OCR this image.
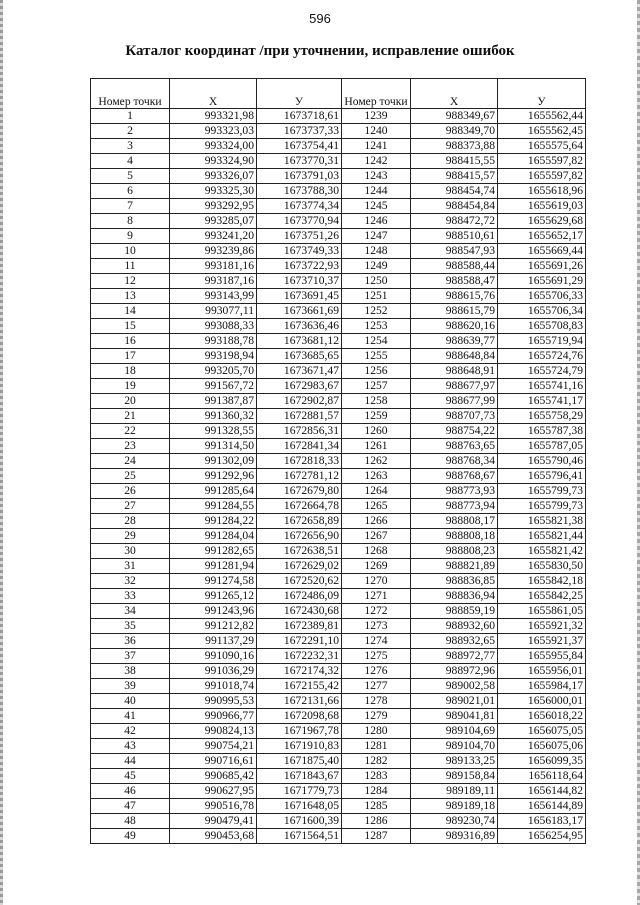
596
Каталог координат /при уточнении, исправление ошибок
Номер точки	X	У	Номер точки	X	У
1	993321,98	1673718,61	1239	988349,67	1655562,44
2	993323,03	1673737,33	1240	988349,70	1655562,45
3	993324,00	1673754,41	1241	988373,88	1655575,64
4	993324,90	1673770,31	1242	988415,55	1655597,82
5	993326,07	1673791,03	1243	988415,57	1655597,82
6	993325,30	1673788,30	1244	988454,74	1655618,96
7	993292,95	1673774,34	1245	988454,84	1655619,03
8	993285,07	1673770,94	1246	988472,72	1655629,68
9	993241,20	1673751,26	1247	988510,61	1655652,17
10	993239,86	1673749,33	1248	988547,93	1655669,44
11	993181,16	1673722,93	1249	988588,44	1655691,26
12	993187,16	1673710,37	1250	988588,47	1655691,29
13	993143,99	1673691,45	1251	988615,76	1655706,33
14	993077,11	1673661,69	1252	988615,79	1655706,34
15	993088,33	1673636,46	1253	988620,16	1655708,83
16	993188,78	1673681,12	1254	988639,77	1655719,94
17	993198,94	1673685,65	1255	988648,84	1655724,76
18	993205,70	1673671,47	1256	988648,91	1655724,79
19	991567,72	1672983,67	1257	988677,97	1655741,16
20	991387,87	1672902,87	1258	988677,99	1655741,17
21	991360,32	1672881,57	1259	988707,73	1655758,29
22	991328,55	1672856,31	1260	988754,22	1655787,38
23	991314,50	1672841,34	1261	988763,65	1655787,05
24	991302,09	1672818,33	1262	988768,34	1655790,46
25	991292,96	1672781,12	1263	988768,67	1655796,41
26	991285,64	1672679,80	1264	988773,93	1655799,73
27	991284,55	1672664,78	1265	988773,94	1655799,73
28	991284,22	1672658,89	1266	988808,17	1655821,38
29	991284,04	1672656,90	1267	988808,18	1655821,44
30	991282,65	1672638,51	1268	988808,23	1655821,42
31	991281,94	1672629,02	1269	988821,89	1655830,50
32	991274,58	1672520,62	1270	988836,85	1655842,18
33	991265,12	1672486,09	1271	988836,94	1655842,25
34	991243,96	1672430,68	1272	988859,19	1655861,05
35	991212,82	1672389,81	1273	988932,60	1655921,32
36	991137,29	1672291,10	1274	988932,65	1655921,37
37	991090,16	1672232,31	1275	988972,77	1655955,84
38	991036,29	1672174,32	1276	988972,96	1655956,01
39	991018,74	1672155,42	1277	989002,58	1655984,17
40	990995,53	1672131,66	1278	989021,01	1656000,01
41	990966,77	1672098,68	1279	989041,81	1656018,22
42	990824,13	1671967,78	1280	989104,69	1656075,05
43	990754,21	1671910,83	1281	989104,70	1656075,06
44	990716,61	1671875,40	1282	989133,25	1656099,35
45	990685,42	1671843,67	1283	989158,84	1656118,64
46	990627,95	1671779,73	1284	989189,11	1656144,82
47	990516,78	1671648,05	1285	989189,18	1656144,89
48	990479,41	1671600,39	1286	989230,74	1656183,17
49	990453,68	1671564,51	1287	989316,89	1656254,95
